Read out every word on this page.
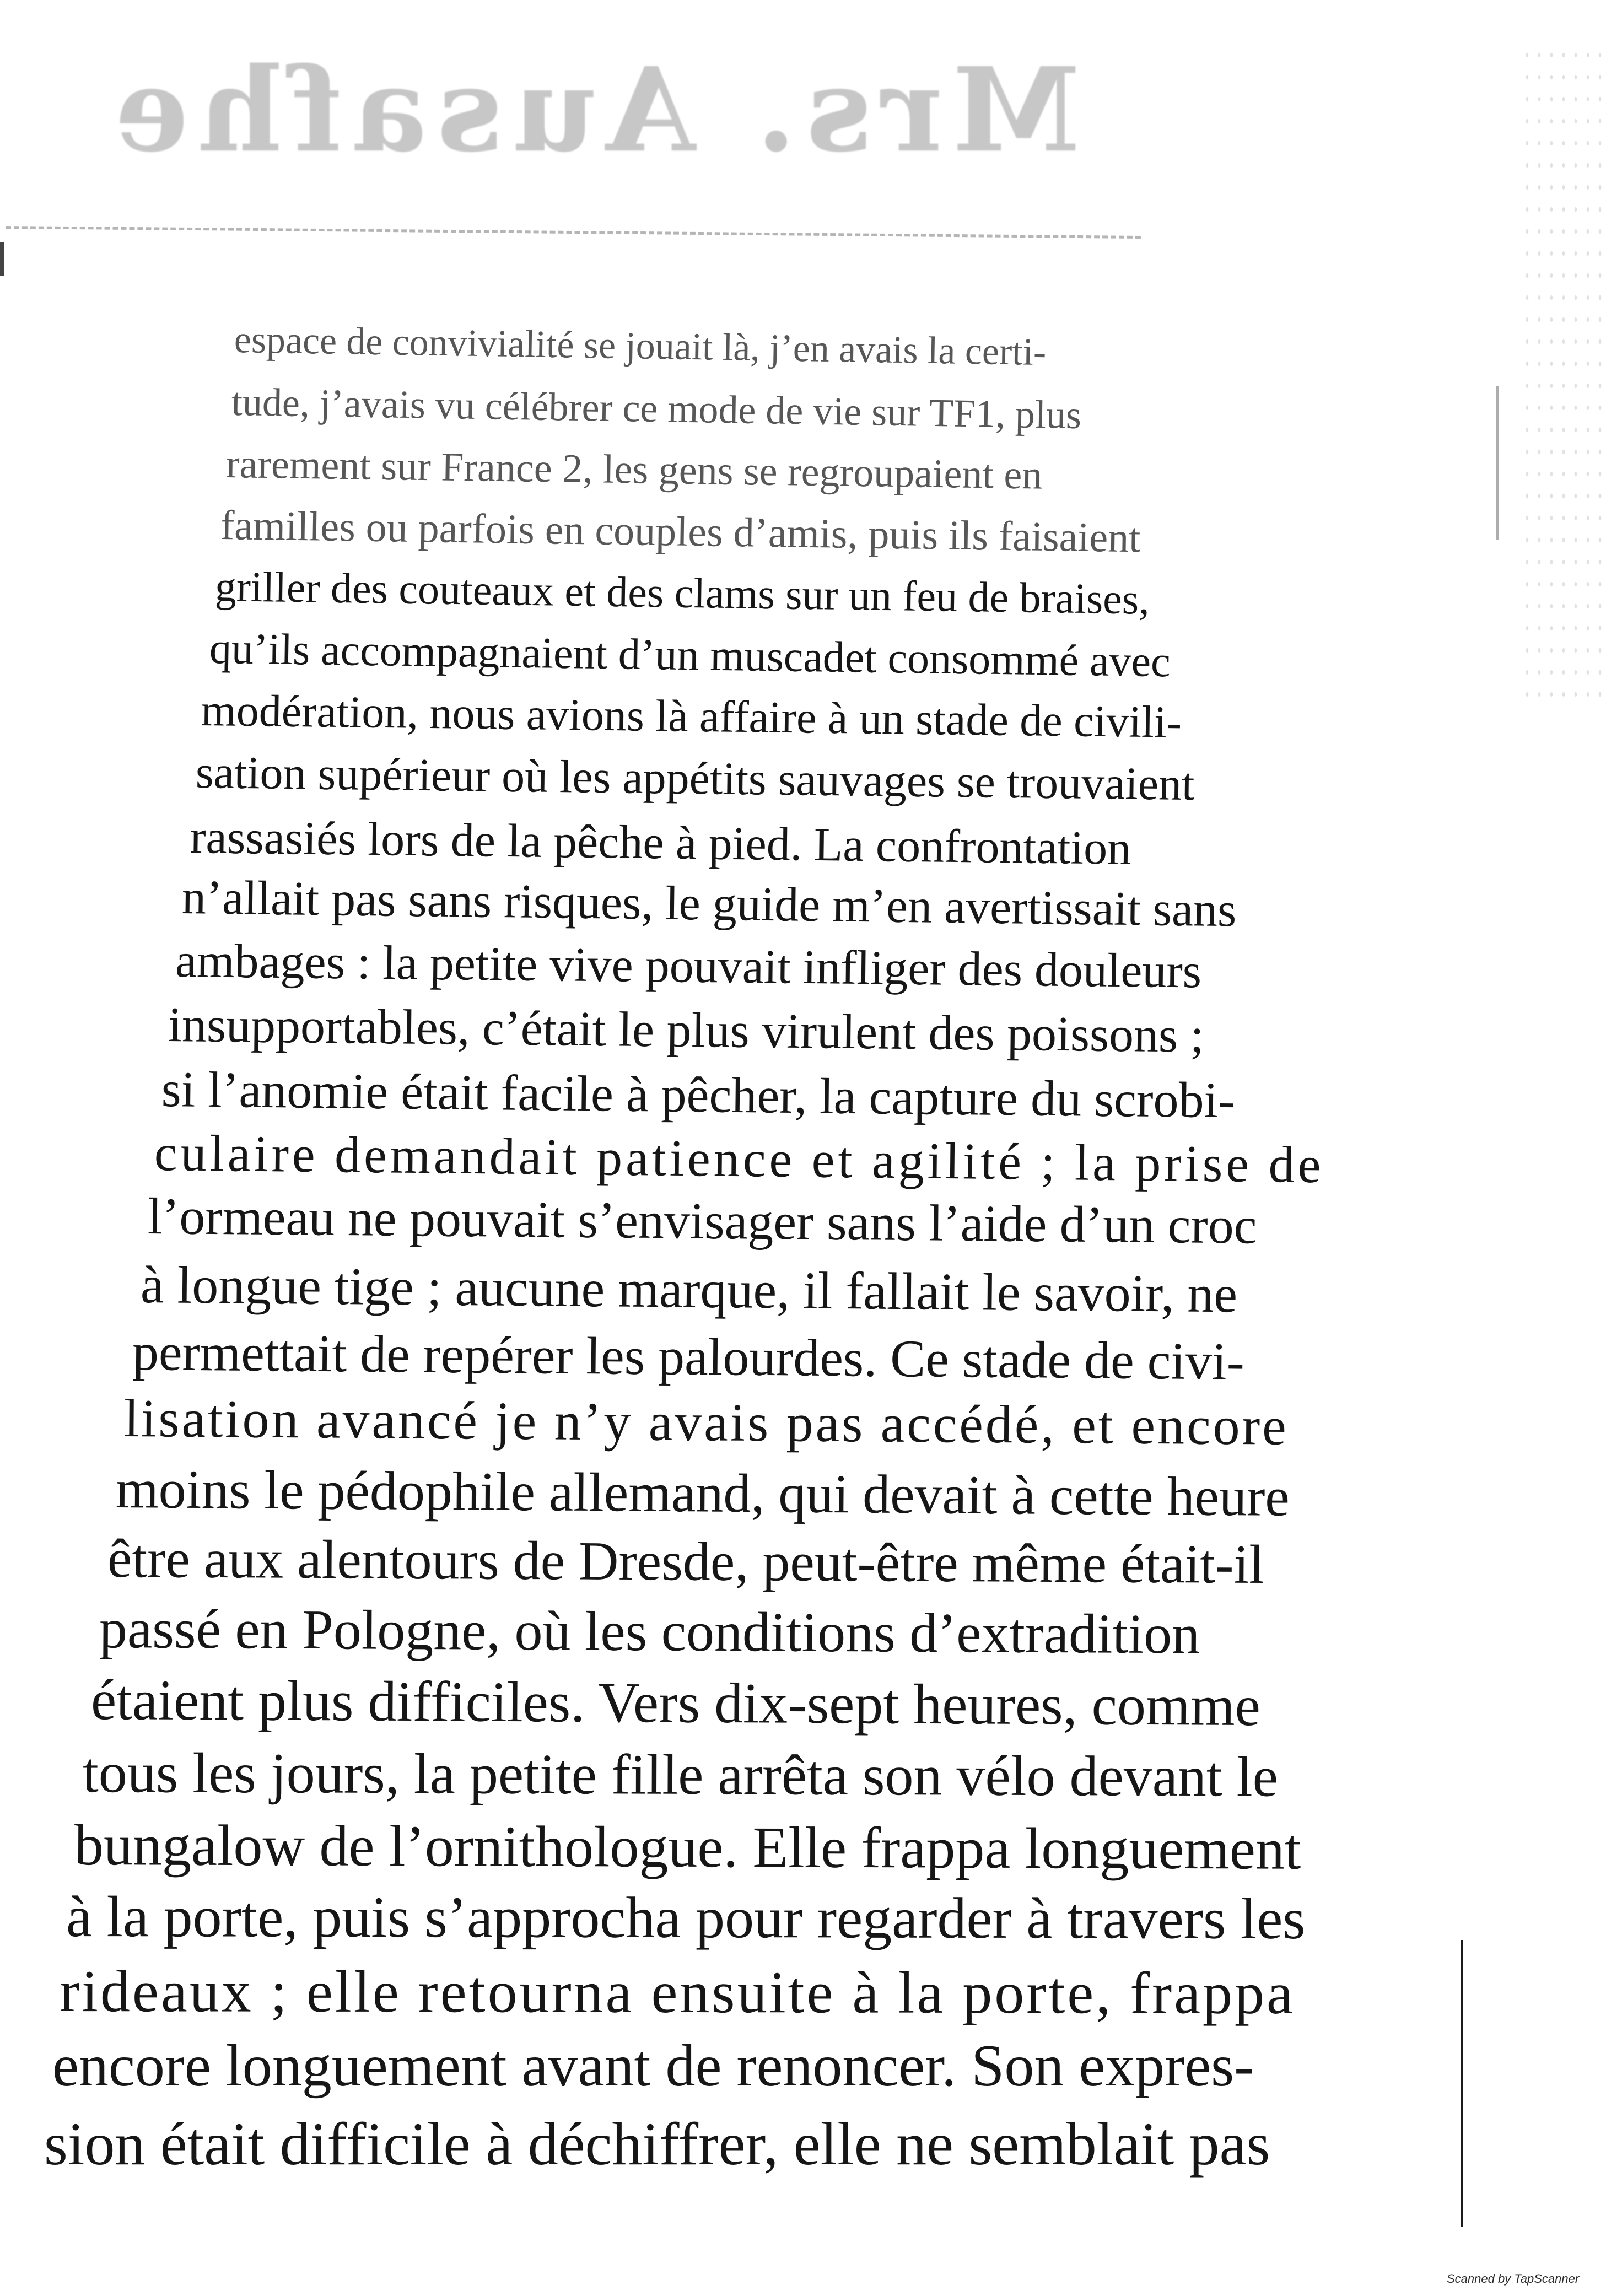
Mrs. Ausafhe
espace de convivialité se jouait là, j’en avais la certi-
tude, j’avais vu célébrer ce mode de vie sur TF1, plus
rarement sur France 2, les gens se regroupaient en
familles ou parfois en couples d’amis, puis ils faisaient
griller des couteaux et des clams sur un feu de braises,
qu’ils accompagnaient d’un muscadet consommé avec
modération, nous avions là affaire à un stade de civili-
sation supérieur où les appétits sauvages se trouvaient
rassasiés lors de la pêche à pied. La confrontation
n’allait pas sans risques, le guide m’en avertissait sans
ambages : la petite vive pouvait infliger des douleurs
insupportables, c’était le plus virulent des poissons ;
si l’anomie était facile à pêcher, la capture du scrobi-
culaire demandait patience et agilité ; la prise de
l’ormeau ne pouvait s’envisager sans l’aide d’un croc
à longue tige ; aucune marque, il fallait le savoir, ne
permettait de repérer les palourdes. Ce stade de civi-
lisation avancé je n’y avais pas accédé, et encore
moins le pédophile allemand, qui devait à cette heure
être aux alentours de Dresde, peut-être même était-il
passé en Pologne, où les conditions d’extradition
étaient plus difficiles. Vers dix-sept heures, comme
tous les jours, la petite fille arrêta son vélo devant le
bungalow de l’ornithologue. Elle frappa longuement
à la porte, puis s’approcha pour regarder à travers les
rideaux ; elle retourna ensuite à la porte, frappa
encore longuement avant de renoncer. Son expres-
sion était difficile à déchiffrer, elle ne semblait pas
Scanned by TapScanner
